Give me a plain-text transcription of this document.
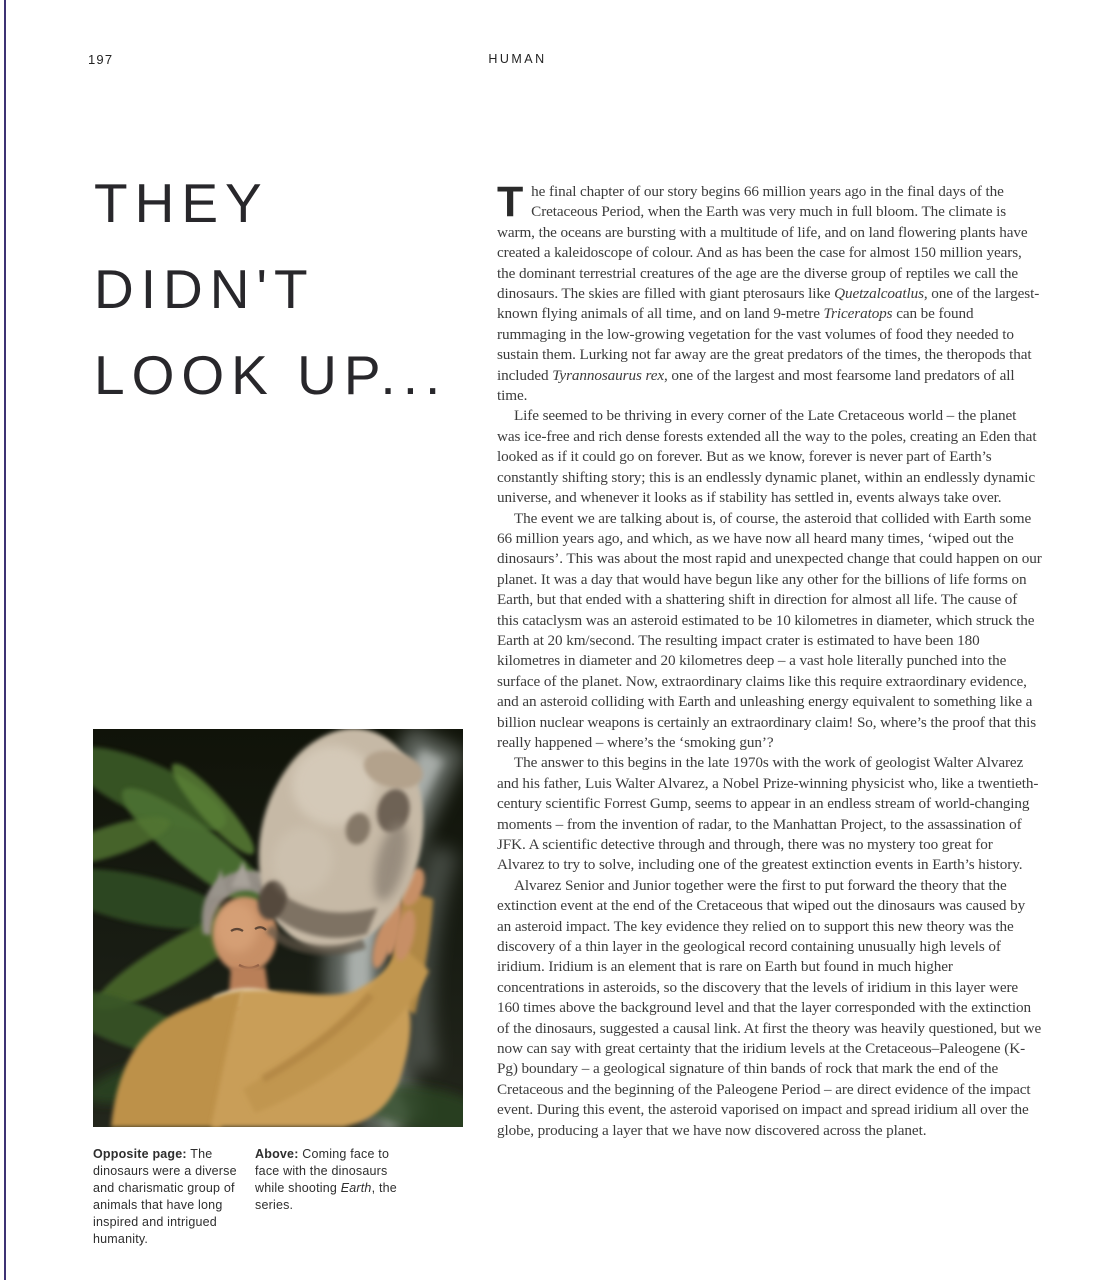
197	HUMAN
THEY
DIDN'T
LOOK UP...

The final chapter of our story begins 66 million years ago in the final days of the Cretaceous Period, when the Earth was very much in full bloom. The climate is warm, the oceans are bursting with a multitude of life, and on land flowering plants have created a kaleidoscope of colour. And as has been the case for almost 150 million years, the dominant terrestrial creatures of the age are the diverse group of reptiles we call the dinosaurs. The skies are filled with giant pterosaurs like Quetzalcoatlus, one of the largest-known flying animals of all time, and on land 9-metre Triceratops can be found rummaging in the low-growing vegetation for the vast volumes of food they needed to sustain them. Lurking not far away are the great predators of the times, the theropods that included Tyrannosaurus rex, one of the largest and most fearsome land predators of all time.

Life seemed to be thriving in every corner of the Late Cretaceous world – the planet was ice-free and rich dense forests extended all the way to the poles, creating an Eden that looked as if it could go on forever. But as we know, forever is never part of Earth’s constantly shifting story; this is an endlessly dynamic planet, within an endlessly dynamic universe, and whenever it looks as if stability has settled in, events always take over.

The event we are talking about is, of course, the asteroid that collided with Earth some 66 million years ago, and which, as we have now all heard many times, ‘wiped out the dinosaurs’. This was about the most rapid and unexpected change that could happen on our planet. It was a day that would have begun like any other for the billions of life forms on Earth, but that ended with a shattering shift in direction for almost all life. The cause of this cataclysm was an asteroid estimated to be 10 kilometres in diameter, which struck the Earth at 20 km/second. The resulting impact crater is estimated to have been 180 kilometres in diameter and 20 kilometres deep – a vast hole literally punched into the surface of the planet. Now, extraordinary claims like this require extraordinary evidence, and an asteroid colliding with Earth and unleashing energy equivalent to something like a billion nuclear weapons is certainly an extraordinary claim! So, where’s the proof that this really happened – where’s the ‘smoking gun’?

The answer to this begins in the late 1970s with the work of geologist Walter Alvarez and his father, Luis Walter Alvarez, a Nobel Prize-winning physicist who, like a twentieth-century scientific Forrest Gump, seems to appear in an endless stream of world-changing moments – from the invention of radar, to the Manhattan Project, to the assassination of JFK. A scientific detective through and through, there was no mystery too great for Alvarez to try to solve, including one of the greatest extinction events in Earth’s history.

Alvarez Senior and Junior together were the first to put forward the theory that the extinction event at the end of the Cretaceous that wiped out the dinosaurs was caused by an asteroid impact. The key evidence they relied on to support this new theory was the discovery of a thin layer in the geological record containing unusually high levels of iridium. Iridium is an element that is rare on Earth but found in much higher concentrations in asteroids, so the discovery that the levels of iridium in this layer were 160 times above the background level and that the layer corresponded with the extinction of the dinosaurs, suggested a causal link. At first the theory was heavily questioned, but we now can say with great certainty that the iridium levels at the Cretaceous–Paleogene (K-Pg) boundary – a geological signature of thin bands of rock that mark the end of the Cretaceous and the beginning of the Paleogene Period – are direct evidence of the impact event. During this event, the asteroid vaporised on impact and spread iridium all over the globe, producing a layer that we have now discovered across the planet.

Opposite page: The dinosaurs were a diverse and charismatic group of animals that have long inspired and intrigued humanity.
Above: Coming face to face with the dinosaurs while shooting Earth, the series.
